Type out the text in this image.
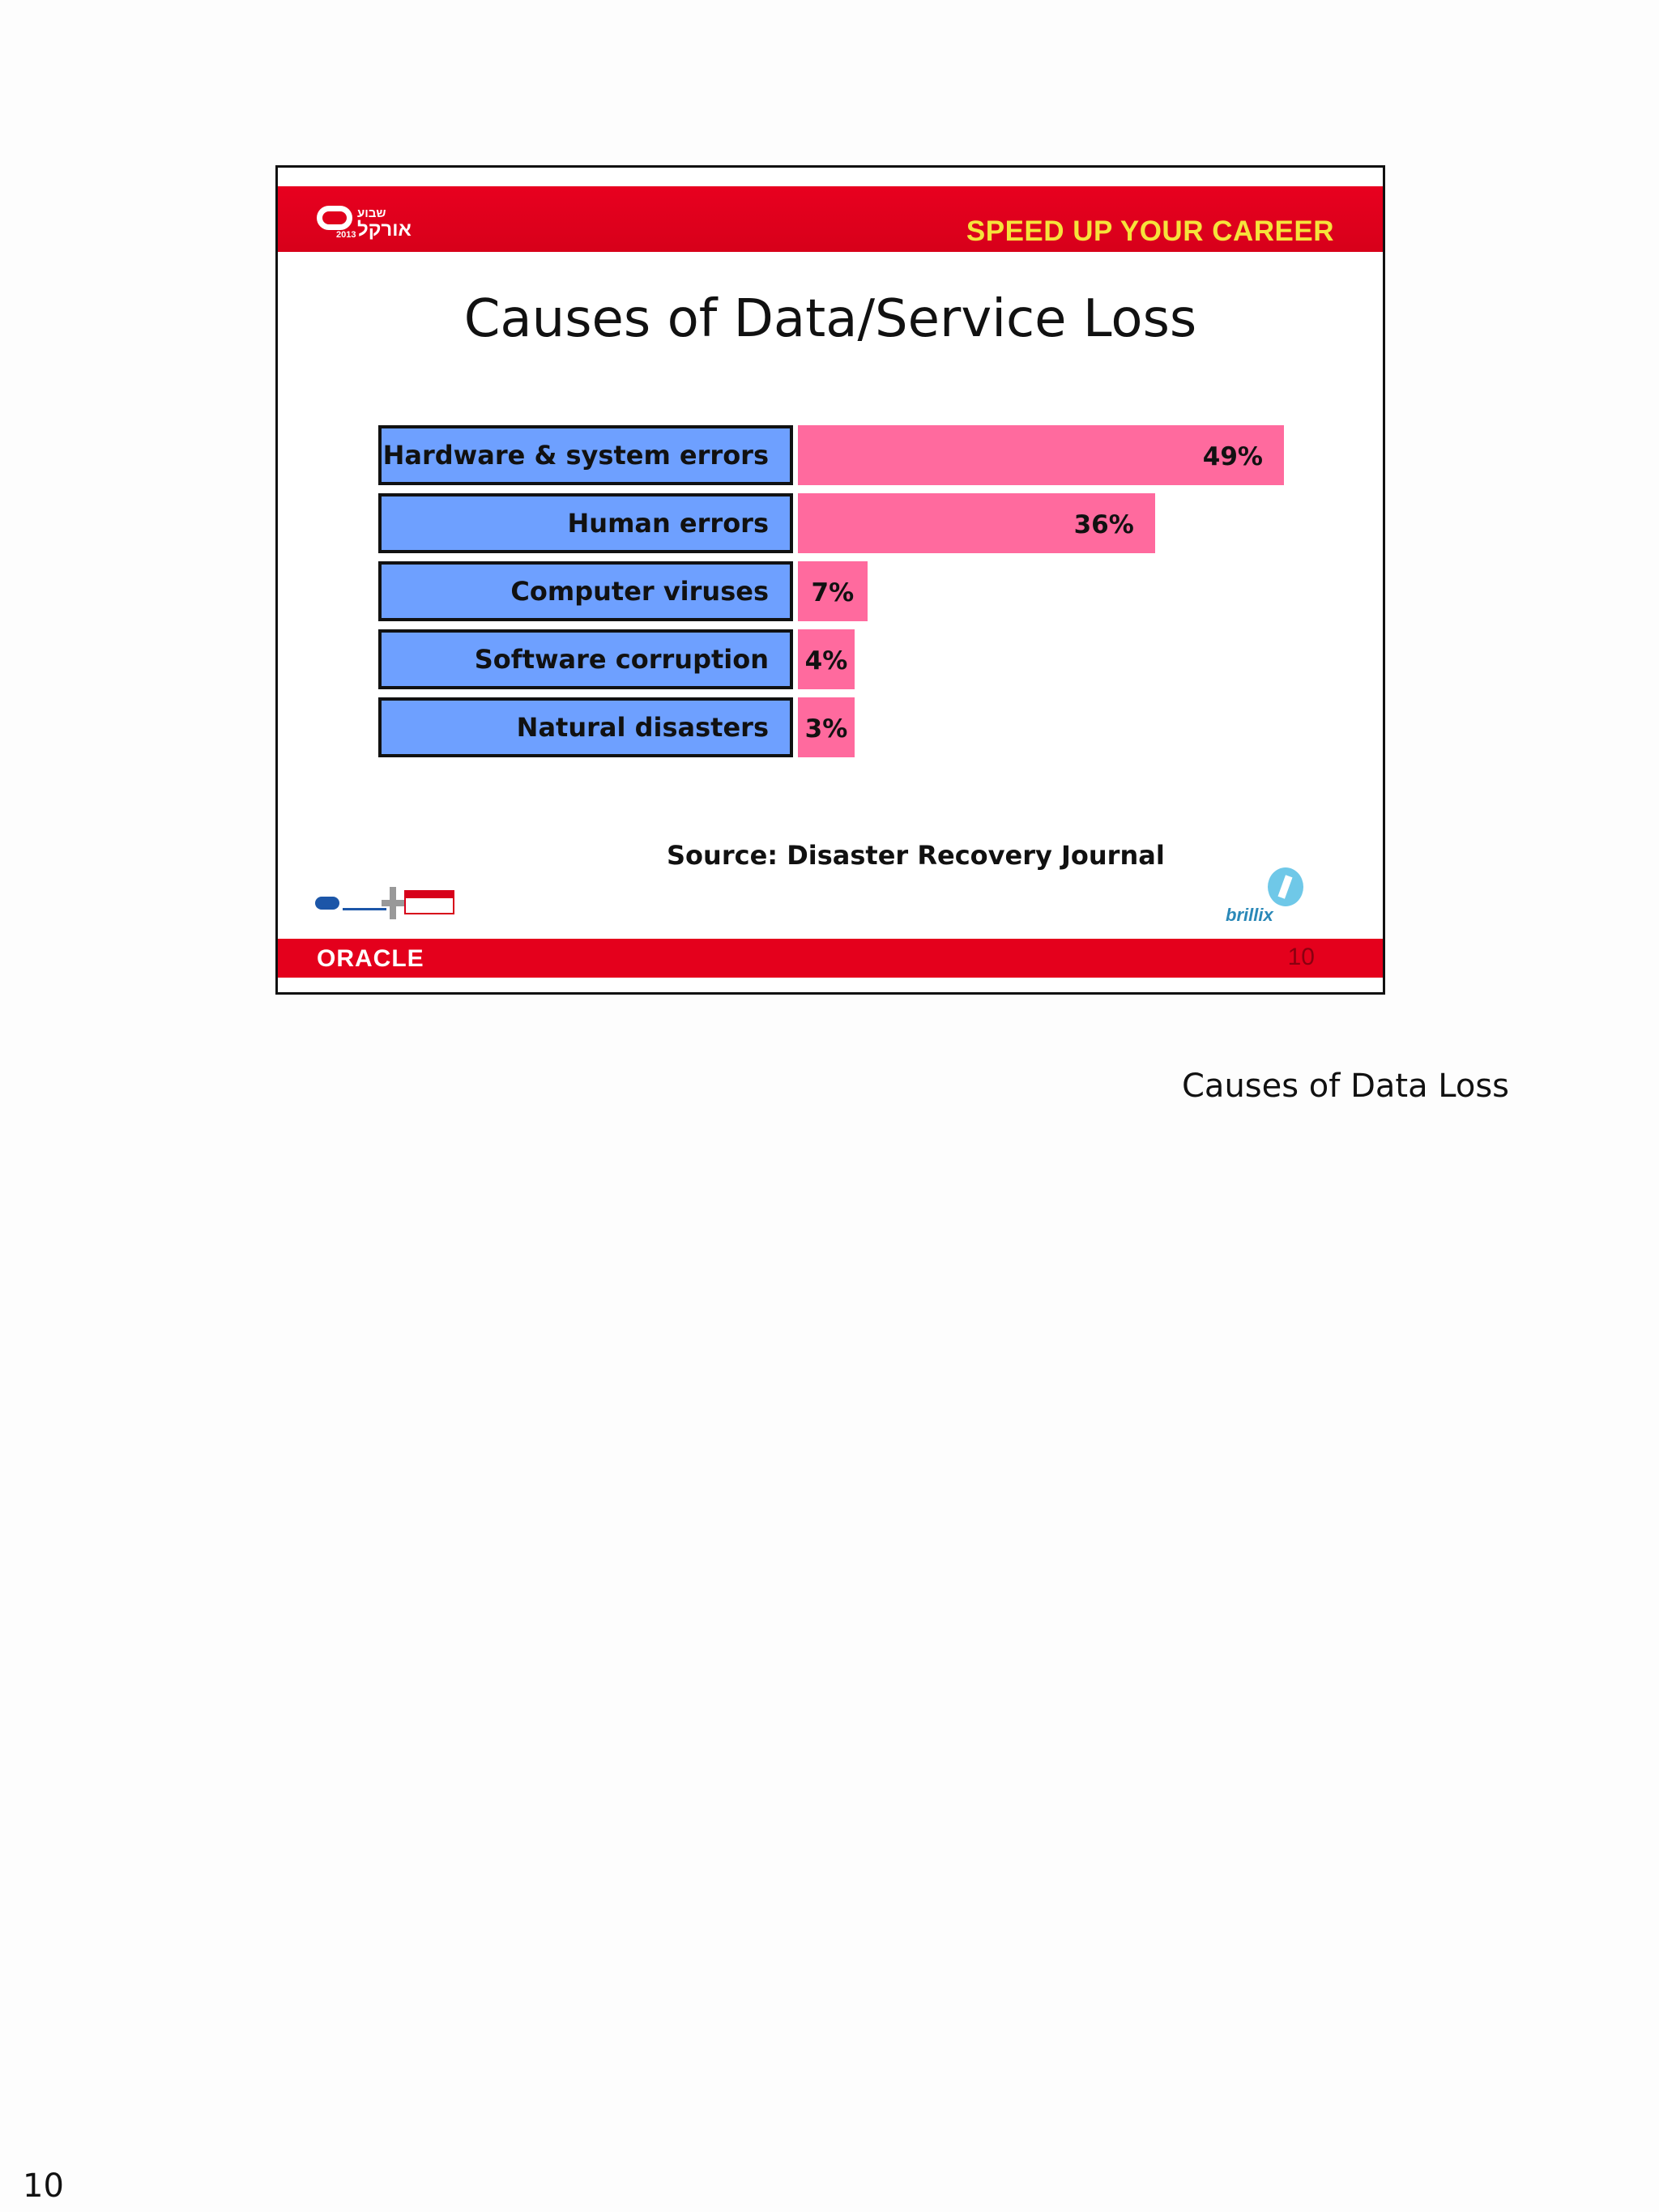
2013
שבוע
אורקל	SPEED UP YOUR CAREER
Causes of Data/Service Loss
Hardware & system errors	49%
Human errors	36%
Computer viruses	7%
Software corruption	4%
Natural disasters	3%
Source: Disaster Recovery Journal
brillix
ORACLE	10
Causes of Data Loss
10
